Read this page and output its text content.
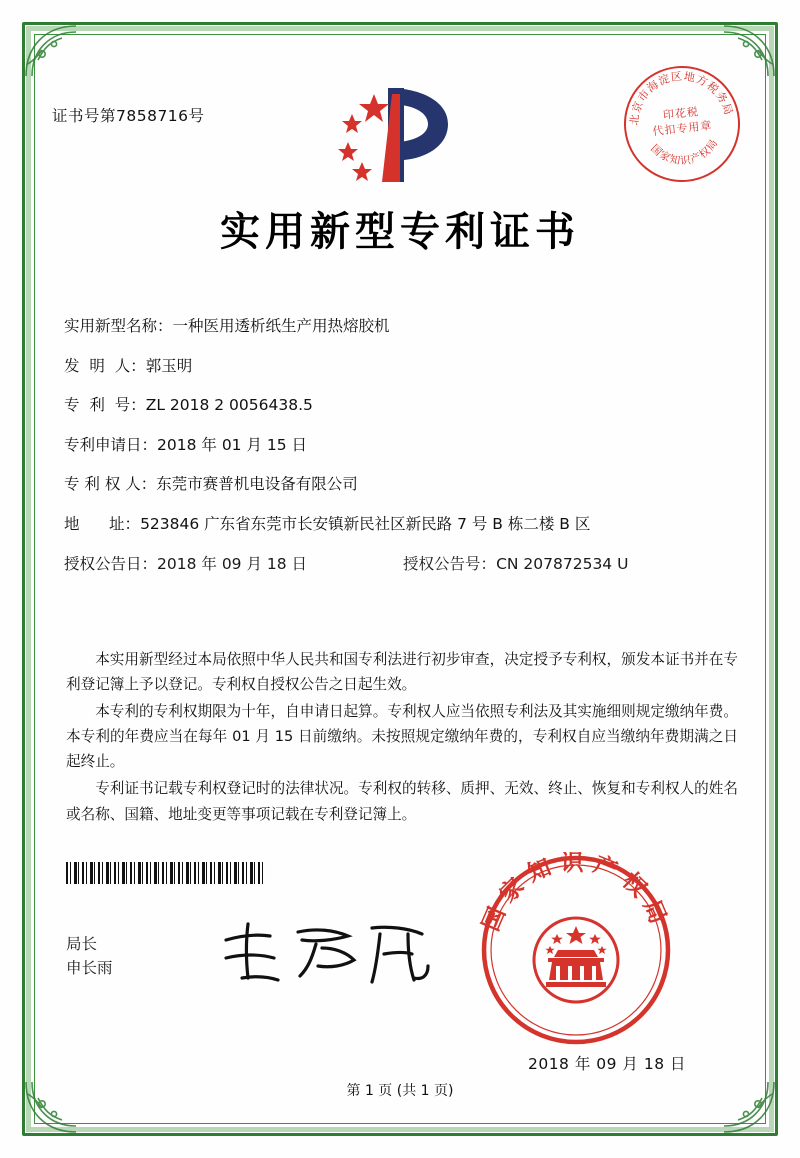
证书号第7858716号	北京市海淀区地方税务局
国家知识产权局
印花税
代扣专用章
实用新型专利证书
实用新型名称： 一种医用透析纸生产用热熔胶机
发  明  人： 郭玉明
专  利  号： ZL 2018 2 0056438.5
专利申请日： 2018 年 01 月 15 日
专 利 权 人： 东莞市赛普机电设备有限公司
地      址： 523846 广东省东莞市长安镇新民社区新民路 7 号 B 栋二楼 B 区
授权公告日： 2018 年 09 月 18 日	授权公告号： CN 207872534 U

本实用新型经过本局依照中华人民共和国专利法进行初步审查，决定授予专利权，颁发本证书并在专利登记簿上予以登记。专利权自授权公告之日起生效。

本专利的专利权期限为十年，自申请日起算。专利权人应当依照专利法及其实施细则规定缴纳年费。本专利的年费应当在每年 01 月 15 日前缴纳。未按照规定缴纳年费的，专利权自应当缴纳年费期满之日起终止。

专利证书记载专利权登记时的法律状况。专利权的转移、质押、无效、终止、恢复和专利权人的姓名或名称、国籍、地址变更等事项记载在专利登记簿上。

局长
申长雨
国家知识产权局
2018 年 09 月 18 日
第 1 页 (共 1 页)
